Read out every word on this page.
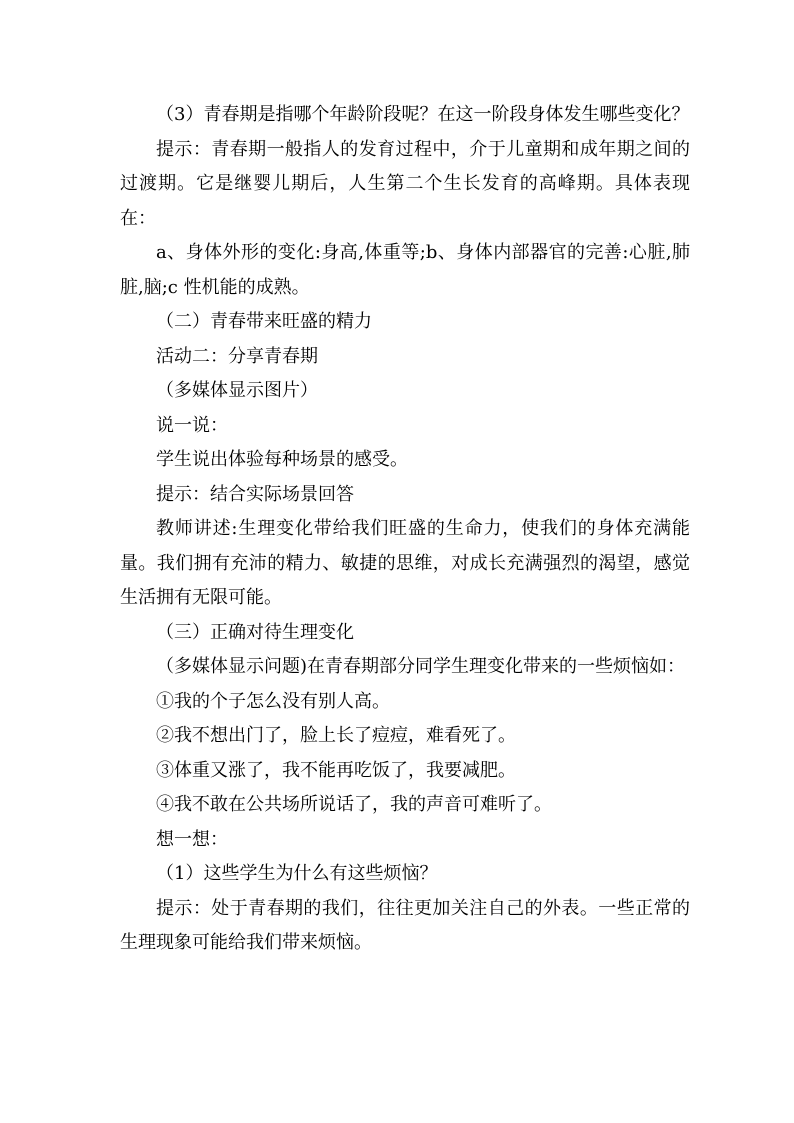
（3）青春期是指哪个年龄阶段呢？在这一阶段身体发生哪些变化？

提示：青春期一般指人的发育过程中，介于儿童期和成年期之间的过渡期。它是继婴儿期后，人生第二个生长发育的高峰期。具体表现在：

a、身体外形的变化:身高,体重等;b、身体内部器官的完善:心脏,肺脏,脑;c 性机能的成熟。

（二）青春带来旺盛的精力

活动二：分享青春期

（多媒体显示图片）

说一说：

学生说出体验每种场景的感受。

提示：结合实际场景回答

教师讲述:生理变化带给我们旺盛的生命力，使我们的身体充满能量。我们拥有充沛的精力、敏捷的思维，对成长充满强烈的渴望，感觉生活拥有无限可能。

（三）正确对待生理变化

（多媒体显示问题)在青春期部分同学生理变化带来的一些烦恼如：

①我的个子怎么没有别人高。

②我不想出门了，脸上长了痘痘，难看死了。

③体重又涨了，我不能再吃饭了，我要减肥。

④我不敢在公共场所说话了，我的声音可难听了。

想一想：

（1）这些学生为什么有这些烦恼？

提示：处于青春期的我们，往往更加关注自己的外表。一些正常的生理现象可能给我们带来烦恼。
